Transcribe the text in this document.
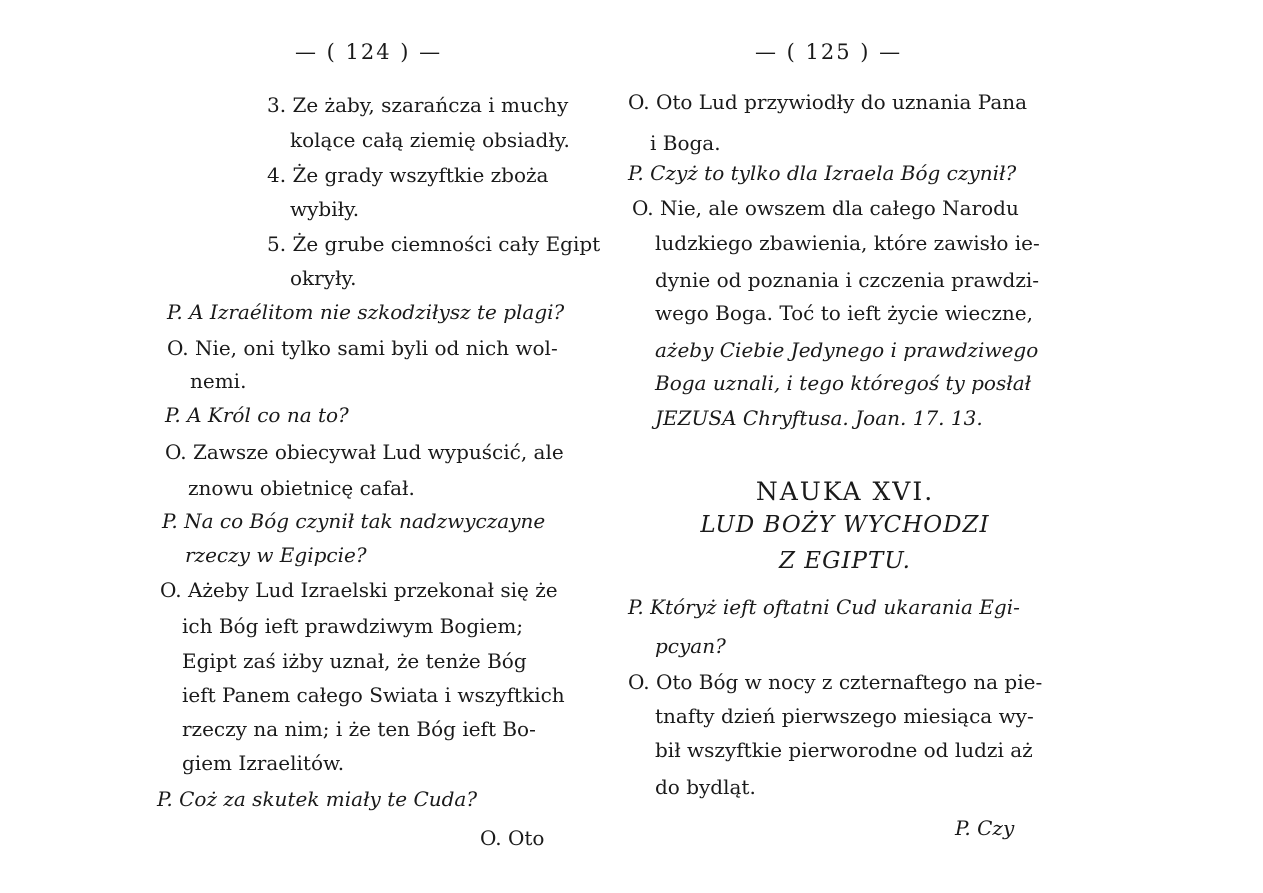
— ( 124 ) —
3. Ze żaby, szarańcza i muchy
kolące całą ziemię obsiadły.
4. Że grady wszyftkie zboża
wybiły.
5. Że grube ciemności cały Egipt
okryły.
P. A Izraélitom nie szkodziłysz te plagi?
O. Nie, oni tylko sami byli od nich wol-
nemi.
P. A Król co na to?
O. Zawsze obiecywał Lud wypuścić, ale
znowu obietnicę cafał.
P. Na co Bóg czynił tak nadzwyczayne
rzeczy w Egipcie?
O. Ażeby Lud Izraelski przekonał się że
ich Bóg ieft prawdziwym Bogiem;
Egipt zaś iżby uznał, że tenże Bóg
ieft Panem całego Swiata i wszyftkich
rzeczy na nim; i że ten Bóg ieft Bo-
giem Izraelitów.
P. Coż za skutek miały te Cuda?
O. Oto
— ( 125 ) —
O. Oto Lud przywiodły do uznania Pana
i Boga.
P. Czyż to tylko dla Izraela Bóg czynił?
O. Nie, ale owszem dla całego Narodu
ludzkiego zbawienia, które zawisło ie-
dynie od poznania i czczenia prawdzi-
wego Boga. Toć to ieft życie wieczne,
ażeby Ciebie Jedynego i prawdziwego
Boga uznali, i tego któregoś ty posłał
JEZUSA Chryftusa. Joan. 17. 13.
NAUKA XVI.
LUD BOŻY WYCHODZI
Z EGIPTU.
P. Któryż ieft oftatni Cud ukarania Egi-
pcyan?
O. Oto Bóg w nocy z czternaftego na pie-
tnafty dzień pierwszego miesiąca wy-
bił wszyftkie pierworodne od ludzi aż
do bydląt.
P. Czy
